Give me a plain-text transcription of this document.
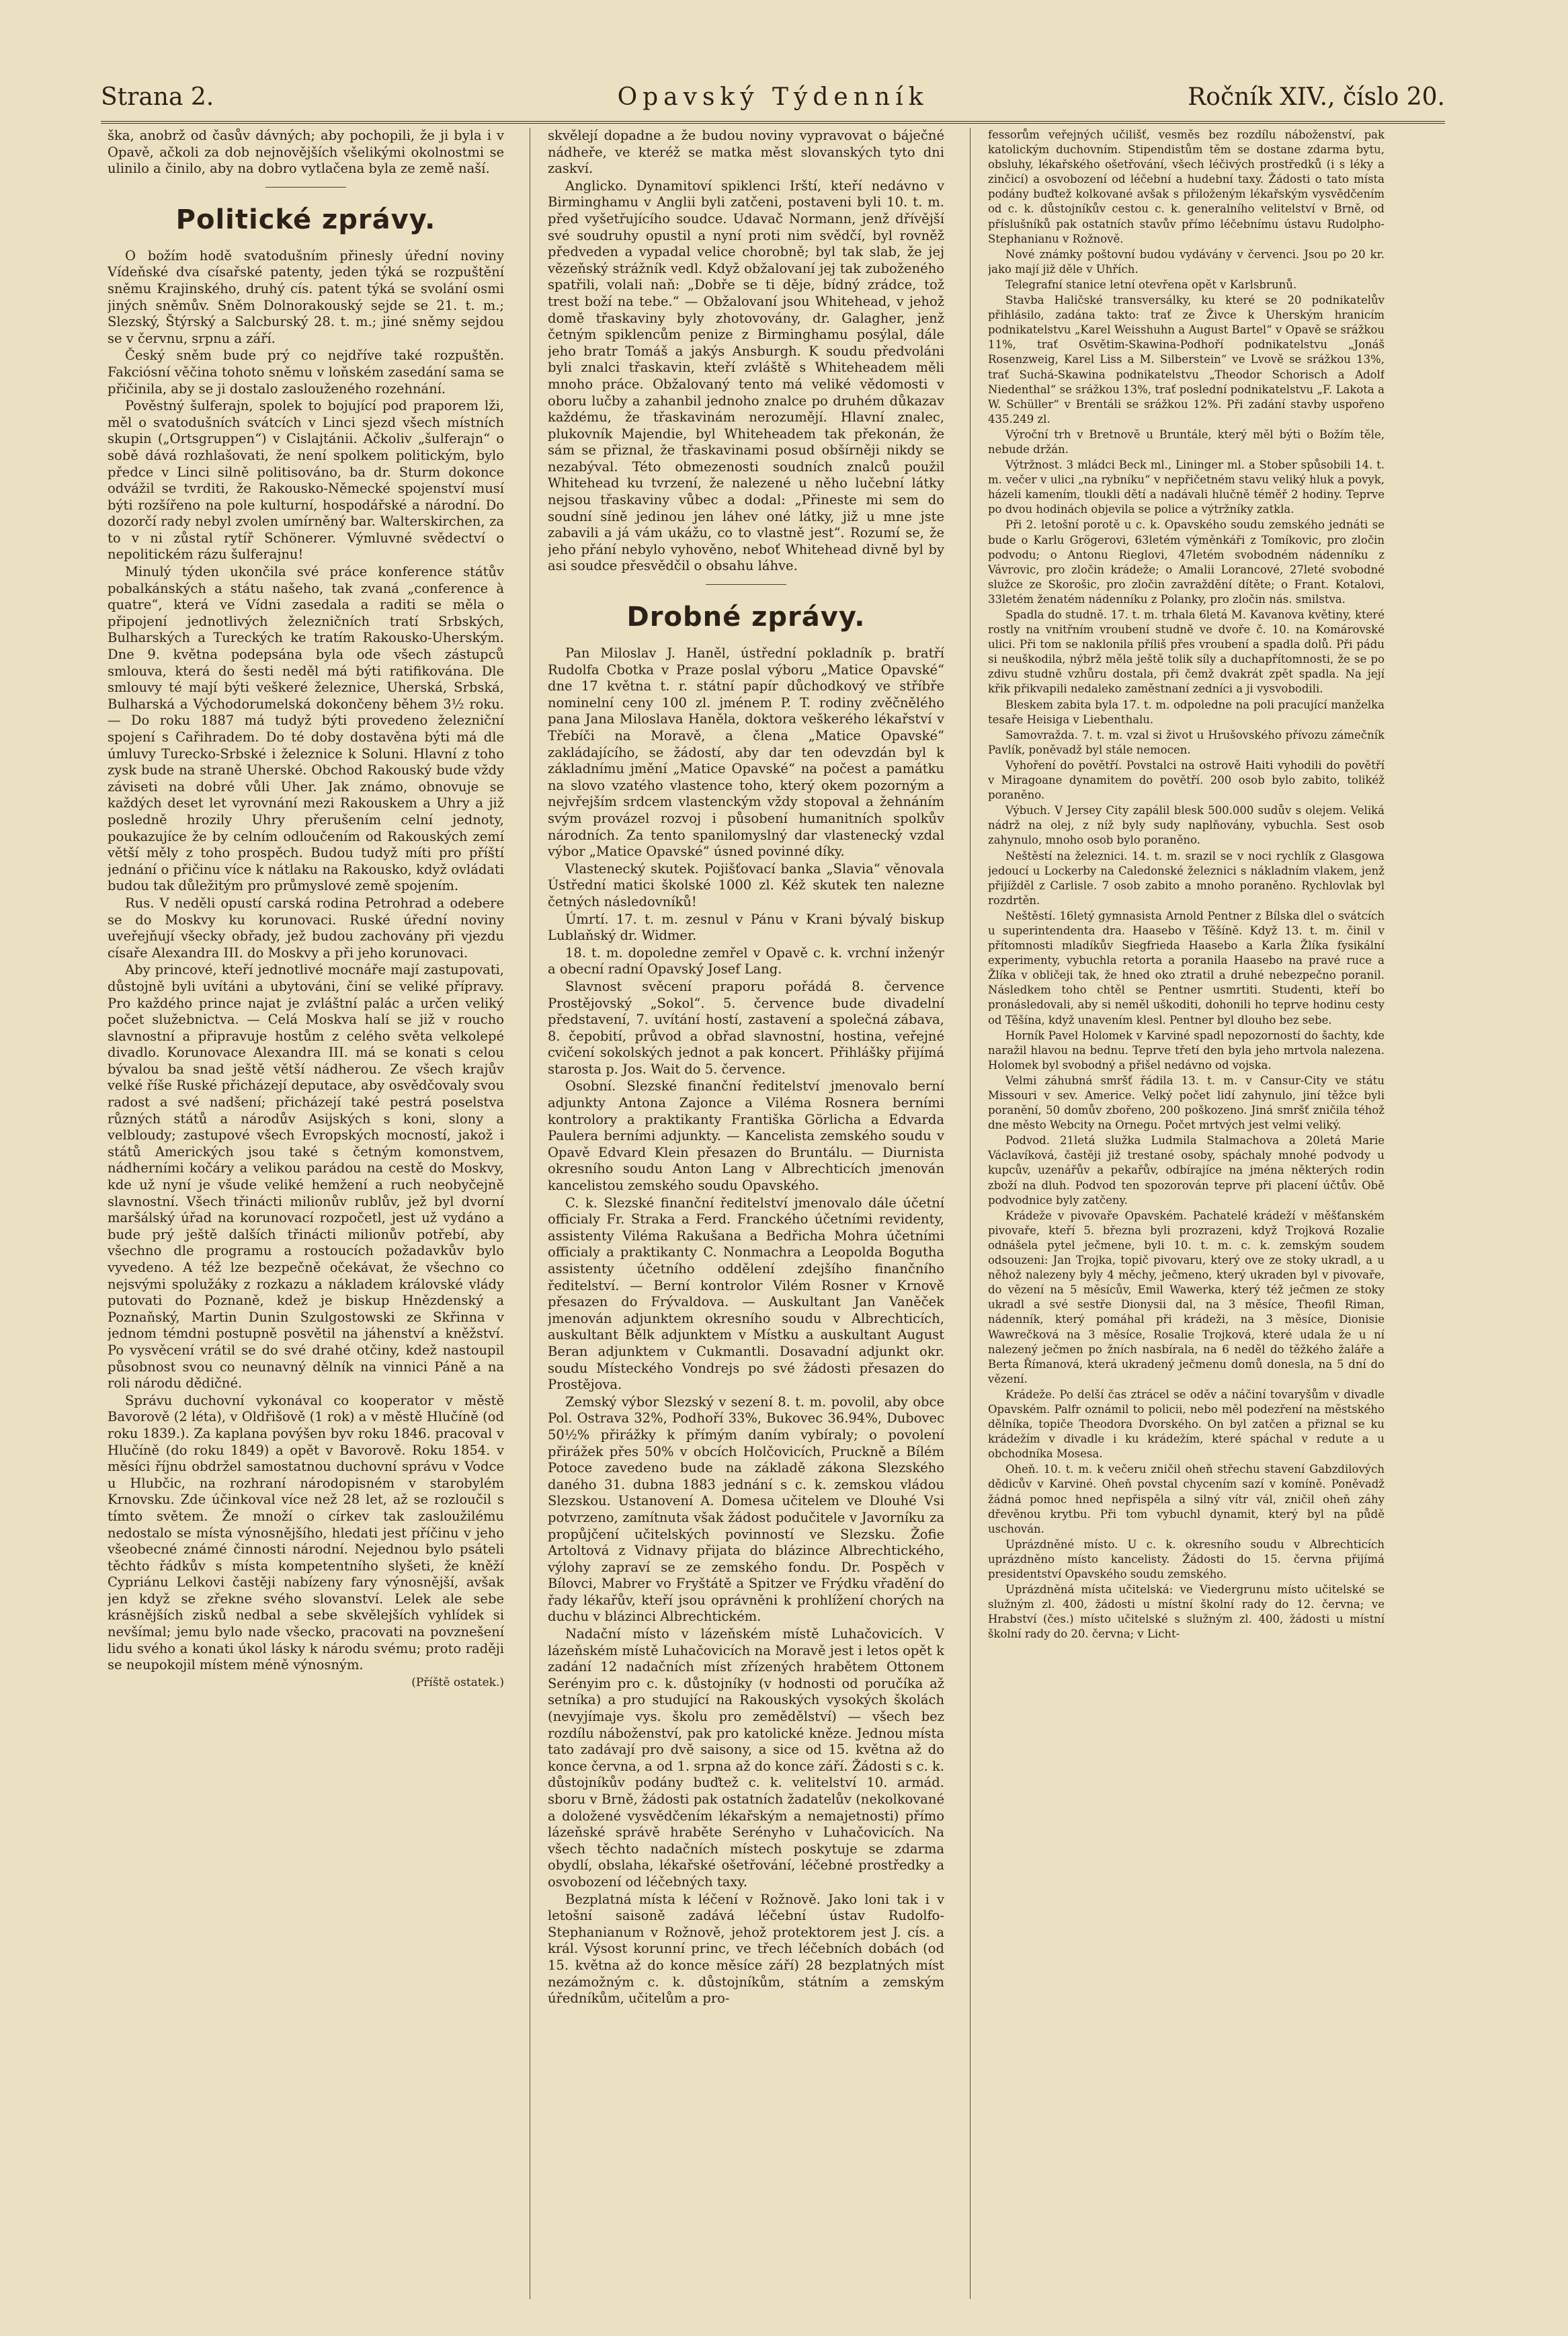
Strana 2.	Opavský Týdenník	Ročník XIV., číslo 20.

ška, anobrž od časův dávných; aby pochopili, že ji byla i v Opavě, ačkoli za dob nejnovějších všelikými okolnostmi se ulinilo a činilo, aby na dobro vytlačena byla ze země naší.

Politické zprávy.

O božím hodě svatodušním přinesly úřední noviny Vídeňské dva císařské patenty, jeden týká se rozpuštění sněmu Krajinského, druhý cís. patent týká se svolání osmi jiných sněmův. Sněm Dolnorakouský sejde se 21. t. m.; Slezský, Štýrský a Salcburský 28. t. m.; jiné sněmy sejdou se v červnu, srpnu a září.

Český sněm bude prý co nejdříve také rozpuštěn. Fakciósní věčina tohoto sněmu v loňském zasedání sama se přičinila, aby se ji dostalo zaslouženého rozehnání.

Pověstný šulferajn, spolek to bojující pod praporem lži, měl o svatodušních svátcích v Linci sjezd všech místních skupin („Ortsgruppen“) v Cislajtánii. Ačkoliv „šulferajn“ o sobě dává rozhlašovati, že není spolkem politickým, bylo předce v Linci silně politisováno, ba dr. Sturm dokonce odvážil se tvrditi, že Rakousko-Německé spojenství musí býti rozšířeno na pole kulturní, hospodářské a národní. Do dozorčí rady nebyl zvolen umírněný bar. Walterskirchen, za to v ni zůstal rytíř Schönerer. Výmluvné svědectví o nepolitickém rázu šulferajnu!

Minulý týden ukončila své práce konference státův pobalkánských a státu našeho, tak zvaná „conference à quatre“, která ve Vídni zasedala a raditi se měla o připojení jednotlivých železničních tratí Srbských, Bulharských a Tureckých ke tratím Rakousko-Uherským. Dne 9. května podepsána byla ode všech zástupců smlouva, která do šesti neděl má býti ratifikována. Dle smlouvy té mají býti veškeré železnice, Uherská, Srbská, Bulharská a Východorumelská dokončeny během 3½ roku. — Do roku 1887 má tudyž býti provedeno železniční spojení s Cařihradem. Do té doby dostavěna býti má dle úmluvy Turecko-Srbské i železnice k Soluni. Hlavní z toho zysk bude na straně Uherské. Obchod Rakouský bude vždy záviseti na dobré vůli Uher. Jak známo, obnovuje se každých deset let vyrovnání mezi Rakouskem a Uhry a již posledně hrozily Uhry přerušením celní jednoty, poukazujíce že by celním odloučením od Rakouských zemí větší měly z toho prospěch. Budou tudyž míti pro příští jednání o přičinu více k nátlaku na Rakousko, když ovládati budou tak důležitým pro průmyslové země spojením.

Rus. V neděli opustí carská rodina Petrohrad a odebere se do Moskvy ku korunovaci. Ruské úřední noviny uveřejňují všecky obřady, jež budou zachovány při vjezdu císaře Alexandra III. do Moskvy a při jeho korunovaci.

Aby princové, kteří jednotlivé mocnáře mají zastupovati, důstojně byli uvítáni a ubytováni, činí se veliké přípravy. Pro každého prince najat je zvláštní palác a určen veliký počet služebnictva. — Celá Moskva halí se již v roucho slavnostní a připravuje hostům z celého světa velkolepé divadlo. Korunovace Alexandra III. má se konati s celou bývalou ba snad ještě větší nádherou. Ze všech krajův velké říše Ruské přicházejí deputace, aby osvědčovaly svou radost a své nadšení; přicházejí také pestrá poselstva různých států a národův Asijských s koni, slony a velbloudy; zastupové všech Evropských mocností, jakož i států Amerických jsou také s četným komonstvem, nádherními kočáry a velikou parádou na cestě do Moskvy, kde už nyní je všude veliké hemžení a ruch neobyčejně slavnostní. Všech třinácti milionův rublův, jež byl dvorní maršálský úřad na korunovací rozpočetl, jest už vydáno a bude prý ještě dalších třinácti milionův potřebí, aby všechno dle programu a rostoucích požadavkův bylo vyvedeno. A též lze bezpečně očekávat, že všechno co nejsvými spolužáky z rozkazu a nákladem královské vlády putovati do Poznaně, kdež je biskup Hnězdenský a Poznaňský, Martin Dunin Szulgostowski ze Skřinna v jednom témdni postupně posvětil na jáhenství a kněžství. Po vysvěcení vrátil se do své drahé otčiny, kdež nastoupil působnost svou co neunavný dělník na vinnici Páně a na roli národu dědičné.

Správu duchovní vykonával co kooperator v městě Bavorově (2 léta), v Oldřišově (1 rok) a v městě Hlučíně (od roku 1839.). Za kaplana povýšen byv roku 1846. pracoval v Hlučíně (do roku 1849) a opět v Bavorově. Roku 1854. v měsíci říjnu obdržel samostatnou duchovní správu v Vodce u Hlubčic, na rozhraní národopisném v starobylém Krnovsku. Zde účinkoval více než 28 let, až se rozloučil s tímto světem. Že množí o církev tak zasloužilému nedostalo se místa výnosnějšího, hledati jest příčinu v jeho všeobecné známé činnosti národní. Nejednou bylo psáteli těchto řádkův s místa kompetentního slyšeti, že kněží Cypriánu Lelkovi častěji nabízeny fary výnosnější, avšak jen když se zřekne svého slovanství. Lelek ale sebe krásnějších zisků nedbal a sebe skvělejších vyhlídek si nevšímal; jemu bylo nade všecko, pracovati na povznešení lidu svého a konati úkol lásky k národu svému; proto raději se neupokojil místem méně výnosným.

(Příště ostatek.)

skvělejí dopadne a že budou noviny vypravovat o báječné nádheře, ve kteréž se matka měst slovanských tyto dni zaskví.

Anglicko. Dynamitoví spiklenci Irští, kteří nedávno v Birminghamu v Anglii byli zatčeni, postaveni byli 10. t. m. před vyšetřujícího soudce. Udavač Normann, jenž dřívější své soudruhy opustil a nyní proti nim svědčí, byl rovněž předveden a vypadal velice chorobně; byl tak slab, že jej vězeňský strážník vedl. Když obžalovaní jej tak zuboženého spatřili, volali naň: „Dobře se ti děje, bídný zrádce, tož trest boží na tebe.“ — Obžalovaní jsou Whitehead, v jehož domě třaskaviny byly zhotovovány, dr. Galagher, jenž četným spiklencům penize z Birminghamu posýlal, dále jeho bratr Tomáš a jakýs Ansburgh. K soudu předvoláni byli znalci třaskavin, kteří zvláště s Whiteheadem měli mnoho práce. Obžalovaný tento má veliké vědomosti v oboru lučby a zahanbil jednoho znalce po druhém důkazav každému, že třaskavinám nerozumějí. Hlavní znalec, plukovník Majendie, byl Whiteheadem tak překonán, že sám se přiznal, že třaskavinami posud obšírněji nikdy se nezabýval. Této obmezenosti soudních znalců použil Whitehead ku tvrzení, že nalezené u něho lučební látky nejsou třaskaviny vůbec a dodal: „Přineste mi sem do soudní síně jedinou jen láhev oné látky, již u mne jste zabavili a já vám ukážu, co to vlastně jest“. Rozumí se, že jeho přání nebylo vyhověno, neboť Whitehead divně byl by asi soudce přesvědčil o obsahu láhve.

Drobné zprávy.

Pan Miloslav J. Haněl, ústřední pokladník p. bratří Rudolfa Cbotka v Praze poslal výboru „Matice Opavské“ dne 17 května t. r. státní papír důchodkový ve stříbře nominelní ceny 100 zl. jménem P. T. rodiny zvěčnělého pana Jana Miloslava Haněla, doktora veškerého lékařství v Třebíči na Moravě, a člena „Matice Opavské“ zakládajícího, se žádostí, aby dar ten odevzdán byl k základnímu jmění „Matice Opavské“ na počest a památku na slovo vzatého vlastence toho, který okem pozorným a nejvřejším srdcem vlastenckým vždy stopoval a žehnáním svým provázel rozvoj i působení humanitních spolkův národních. Za tento spanilomyslný dar vlastenecký vzdal výbor „Matice Opavské“ úsned povinné díky.

Vlastenecký skutek. Pojišťovací banka „Slavia“ věnovala Ústřední matici školské 1000 zl. Kéž skutek ten nalezne četných následovníků!

Úmrtí. 17. t. m. zesnul v Pánu v Krani bývalý biskup Lublaňský dr. Widmer.

18. t. m. dopoledne zemřel v Opavě c. k. vrchní inženýr a obecní radní Opavský Josef Lang.

Slavnost svěcení praporu pořádá 8. července Prostějovský „Sokol“. 5. července bude divadelní představení, 7. uvítání hostí, zastavení a společná zábava, 8. čepobití, průvod a obřad slavnostní, hostina, veřejné cvičení sokolských jednot a pak koncert. Přihlášky přijímá starosta p. Jos. Wait do 5. července.

Osobní. Slezské finanční ředitelství jmenovalo berní adjunkty Antona Zajonce a Viléma Rosnera berními kontrolory a praktikanty Františka Görlicha a Edvarda Paulera berními adjunkty. — Kancelista zemského soudu v Opavě Edvard Klein přesazen do Bruntálu. — Diurnista okresního soudu Anton Lang v Albrechticích jmenován kancelistou zemského soudu Opavského.

C. k. Slezské finanční ředitelství jmenovalo dále účetní officialy Fr. Straka a Ferd. Franckého účetními revidenty, assistenty Viléma Rakušana a Bedřicha Mohra účetními officialy a praktikanty C. Nonmachra a Leopolda Bogutha assistenty účetního oddělení zdejšího finančního ředitelství. — Berní kontrolor Vilém Rosner v Krnově přesazen do Frývaldova. — Auskultant Jan Vaněček jmenován adjunktem okresního soudu v Albrechticích, auskultant Bělk adjunktem v Místku a auskultant August Beran adjunktem v Cukmantli. Dosavadní adjunkt okr. soudu Místeckého Vondrejs po své žádosti přesazen do Prostějova.

Zemský výbor Slezský v sezení 8. t. m. povolil, aby obce Pol. Ostrava 32%, Podhoří 33%, Bukovec 36.94%, Dubovec 50½% přirážky k přímým daním vybíraly; o povolení přirážek přes 50% v obcích Holčovicích, Pruckně a Bílém Potoce zavedeno bude na základě zákona Slezského daného 31. dubna 1883 jednání s c. k. zemskou vládou Slezskou. Ustanovení A. Domesa učitelem ve Dlouhé Vsi potvrzeno, zamítnuta však žádost podučitele v Javorníku za propůjčení učitelských povinností ve Slezsku. Žofie Artoltová z Vidnavy přijata do blázince Albrechtického, výlohy zapraví se ze zemského fondu. Dr. Pospěch v Bílovci, Mabrer vo Fryštátě a Spitzer ve Frýdku vřadění do řady lékařův, kteří jsou oprávněni k prohlížení chorých na duchu v blázinci Albrechtickém.

Nadační místo v lázeňském místě Luhačovicích. V lázeňském místě Luhačovicích na Moravě jest i letos opět k zadání 12 nadačních míst zřízených hrabětem Ottonem Serényim pro c. k. důstojníky (v hodnosti od poručíka až setníka) a pro studující na Rakouských vysokých školách (nevyjímaje vys. školu pro zemědělství) — všech bez rozdílu náboženství, pak pro katolické kněze. Jednou místa tato zadávají pro dvě saisony, a sice od 15. května až do konce června, a od 1. srpna až do konce září. Žádosti s c. k. důstojníkův podány buďtež c. k. velitelství 10. armád. sboru v Brně, žádosti pak ostatních žadatelův (nekolkované a doložené vysvědčením lékařským a nemajetnosti) přímo lázeňské správě hraběte Serényho v Luhačovicích. Na všech těchto nadačních místech poskytuje se zdarma obydlí, obslaha, lékařské ošetřování, léčebné prostředky a osvobození od léčebných taxy.

Bezplatná místa k léčení v Rožnově. Jako loni tak i v letošní saisoně zadává léčební ústav Rudolfo-Stephanianum v Rožnově, jehož protektorem jest J. cís. a král. Výsost korunní princ, ve třech léčebních dobách (od 15. května až do konce měsíce září) 28 bezplatných míst nezámožným c. k. důstojníkům, státním a zemským úředníkům, učitelům a pro-

fessorům veřejných učilišť, vesměs bez rozdílu náboženství, pak katolickým duchovním. Stipendistům těm se dostane zdarma bytu, obsluhy, lékařského ošetřování, všech léčivých prostředků (i s léky a zinčicí) a osvobození od léčební a hudební taxy. Žádosti o tato místa podány buďtež kolkované avšak s přiloženým lékařským vysvědčením od c. k. důstojníkův cestou c. k. generalního velitelství v Brně, od příslušníků pak ostatních stavův přímo léčebnímu ústavu Rudolpho-Stephanianu v Rožnově.

Nové známky poštovní budou vydávány v červenci. Jsou po 20 kr. jako mají již děle v Uhřích.

Telegrafní stanice letní otevřena opět v Karlsbrunů.

Stavba Haličské transversálky, ku které se 20 podnikatelův přihlásilo, zadána takto: trať ze Živce k Uherským hranicím podnikatelstvu „Karel Weisshuhn a August Bartel“ v Opavě se srážkou 11%, trať Osvětim-Skawina-Podhoří podnikatelstvu „Jonáš Rosenzweig, Karel Liss a M. Silberstein“ ve Lvově se srážkou 13%, trať Suchá-Skawina podnikatelstvu „Theodor Schorisch a Adolf Niedenthal“ se srážkou 13%, trať poslední podnikatelstvu „F. Lakota a W. Schüller“ v Brentáli se srážkou 12%. Při zadání stavby uspořeno 435.249 zl.

Výroční trh v Bretnově u Bruntále, který měl býti o Božím těle, nebude držán.

Výtržnost. 3 mládci Beck ml., Lininger ml. a Stober spůsobili 14. t. m. večer v ulici „na rybníku“ v nepřičetném stavu veliký hluk a povyk, házeli kamením, tlouk​li dětí a nadávali hlučně téměř 2 hodiny. Teprve po dvou hodinách objevila se police a výtržníky zatkla.

Při 2. letošní porotě u c. k. Opavského soudu zemského jednáti se bude o Karlu Grögerovi, 63letém výměnkáři z Tomíkovic, pro zločin podvodu; o Antonu Rieglovi, 47letém svobodném nádenníku z Vávrovic, pro zločin krádeže; o Amalii Lorancové, 27leté svobodné služce ze Skorošic, pro zločin zavraždění dítěte; o Frant. Kotalovi, 33letém ženatém nádenníku z Polanky, pro zločin nás. smilstva.

Spadla do studně. 17. t. m. trhala 6letá M. Kavanova květiny, které rostly na vnitřním vroubení studně ve dvoře č. 10. na Komárovské ulici. Při tom se naklonila příliš přes vroubení a spadla dolů. Při pádu si neuškodila, nýbrž měla ještě tolik síly a duchapřítomnosti, že se po zdivu studně vzhůru dostala, při čemž dvakrát zpět spadla. Na její křik přikvapili nedaleko zaměstnaní zedníci a ji vysvobodili.

Bleskem zabita byla 17. t. m. odpoledne na poli pracující manželka tesaře Heisiga v Liebenthalu.

Samovražda. 7. t. m. vzal si život u Hrušovského přívozu zámečník Pavlík, poněvadž byl stále nemocen.

Vyhoření do povětří. Povstalci na ostrově Haiti vyhodili do povětří v Miragoane dynamitem do povětří. 200 osob bylo zabito, tolikéž poraněno.

Výbuch. V Jersey City zapálil blesk 500.000 sudův s olejem. Veliká nádrž na olej, z níž byly sudy naplňovány, vybuchla. Sest osob zahynulo, mnoho osob bylo poraněno.

Neštěstí na železnici. 14. t. m. srazil se v noci rychlík z Glasgowa jedoucí u Lockerby na Caledonské železnici s nákladním vlakem, jenž přijížděl z Carlisle. 7 osob zabito a mnoho poraněno. Rychlovlak byl rozdrtěn.

Neštěstí. 16letý gymnasista Arnold Pentner z Bílska dlel o svátcích u superintendenta dra. Haasebo v Těšíně. Když 13. t. m. činil v přítomnosti mladíkův Siegfrieda Haasebo a Karla Žlíka fysikální experimenty, vybuchla retorta a poranila Haasebo na pravé ruce a Žlíka v obličeji tak, že hned oko ztratil a druhé nebezpečno poranil. Následkem toho chtěl se Pentner usmrtiti. Studenti, kteří bo pronásledovali, aby si neměl uškoditi, dohonili ho teprve hodinu cesty od Těšína, když unavením klesl. Pentner byl dlouho bez sebe.

Horník Pavel Holomek v Karviné spadl nepozorností do šachty, kde naražil hlavou na bednu. Teprve třetí den byla jeho mrtvola nalezena. Holomek byl svobodný a přišel nedávno od vojska.

Velmi záhubná smršť řádila 13. t. m. v Cansur-City ve státu Missouri v sev. Americe. Velký počet lidí zahynulo, jiní těžce byli poranění, 50 domův zbořeno, 200 poškozeno. Jiná smršť zničila téhož dne město Webcity na Ornegu. Počet mrtvých jest velmi veliký.

Podvod. 21letá služka Ludmila Stalmachova a 20letá Marie Václavíková, častěji již trestané osoby, spáchaly mnohé podvody u kupcův, uzenářův a pekařův, odbírajíce na jména některých rodin zboží na dluh. Podvod ten spozorován teprve při placení účtův. Obě podvodnice byly zatčeny.

Krádeže v pivovaře Opavském. Pachatelé krádeží v měšťanském pivovaře, kteří 5. března byli prozrazeni, když Trojková Rozalie odnášela pytel ječmene, byli 10. t. m. c. k. zemským soudem odsouzeni: Jan Trojka, topič pivovaru, který ove ze stoky ukradl, a u něhož nalezeny byly 4 měchy, ječmeno, který ukraden byl v pivovaře, do vězení na 5 měsícův, Emil Wawerka, který též ječmen ze stoky ukradl a své sestře Dionysii dal, na 3 měsíce, Theofil Riman, nádenník, který pomáhal při krádeži, na 3 měsíce, Dionisie Wawrečková na 3 měsíce, Rosalie Trojková, které udala že u ní nalezený ječmen po žních nasbírala, na 6 neděl do těžkého žaláře a Berta Římanová, která ukradený ječmenu domů donesla, na 5 dní do vězení.

Krádeže. Po delší čas ztrácel se oděv a náčiní tovaryšům v divadle Opavském. Palfr oznámil to policii, nebo měl podezření na městského dělníka, topiče Theodora Dvorského. On byl zatčen a přiznal se ku krádežím v divadle i ku krádežím, které spáchal v redute a u obchodníka Mosesa.

Oheň. 10. t. m. k večeru zničil oheň střechu stavení Gabzdilových dědicův v Karviné. Oheň povstal chycením sazí v komíně. Poněvadž žádná pomoc hned nepřispěla a silný vítr vál, zničil oheň záhy dřevěnou krytbu. Při tom vybuchl dynamit, který byl na půdě uschován.

Uprázdněné místo. U c. k. okresního soudu v Albrechticích uprázdněno místo kancelisty. Žádosti do 15. června přijímá presidentství Opavského soudu zemského.

Uprázdněná místa učitelská: ve Viedergrunu místo učitelské se služným zl. 400, žádosti u místní školní rady do 12. června; ve Hrabství (čes.) místo učitelské s služným zl. 400, žádosti u místní školní rady do 20. června; v Licht-
